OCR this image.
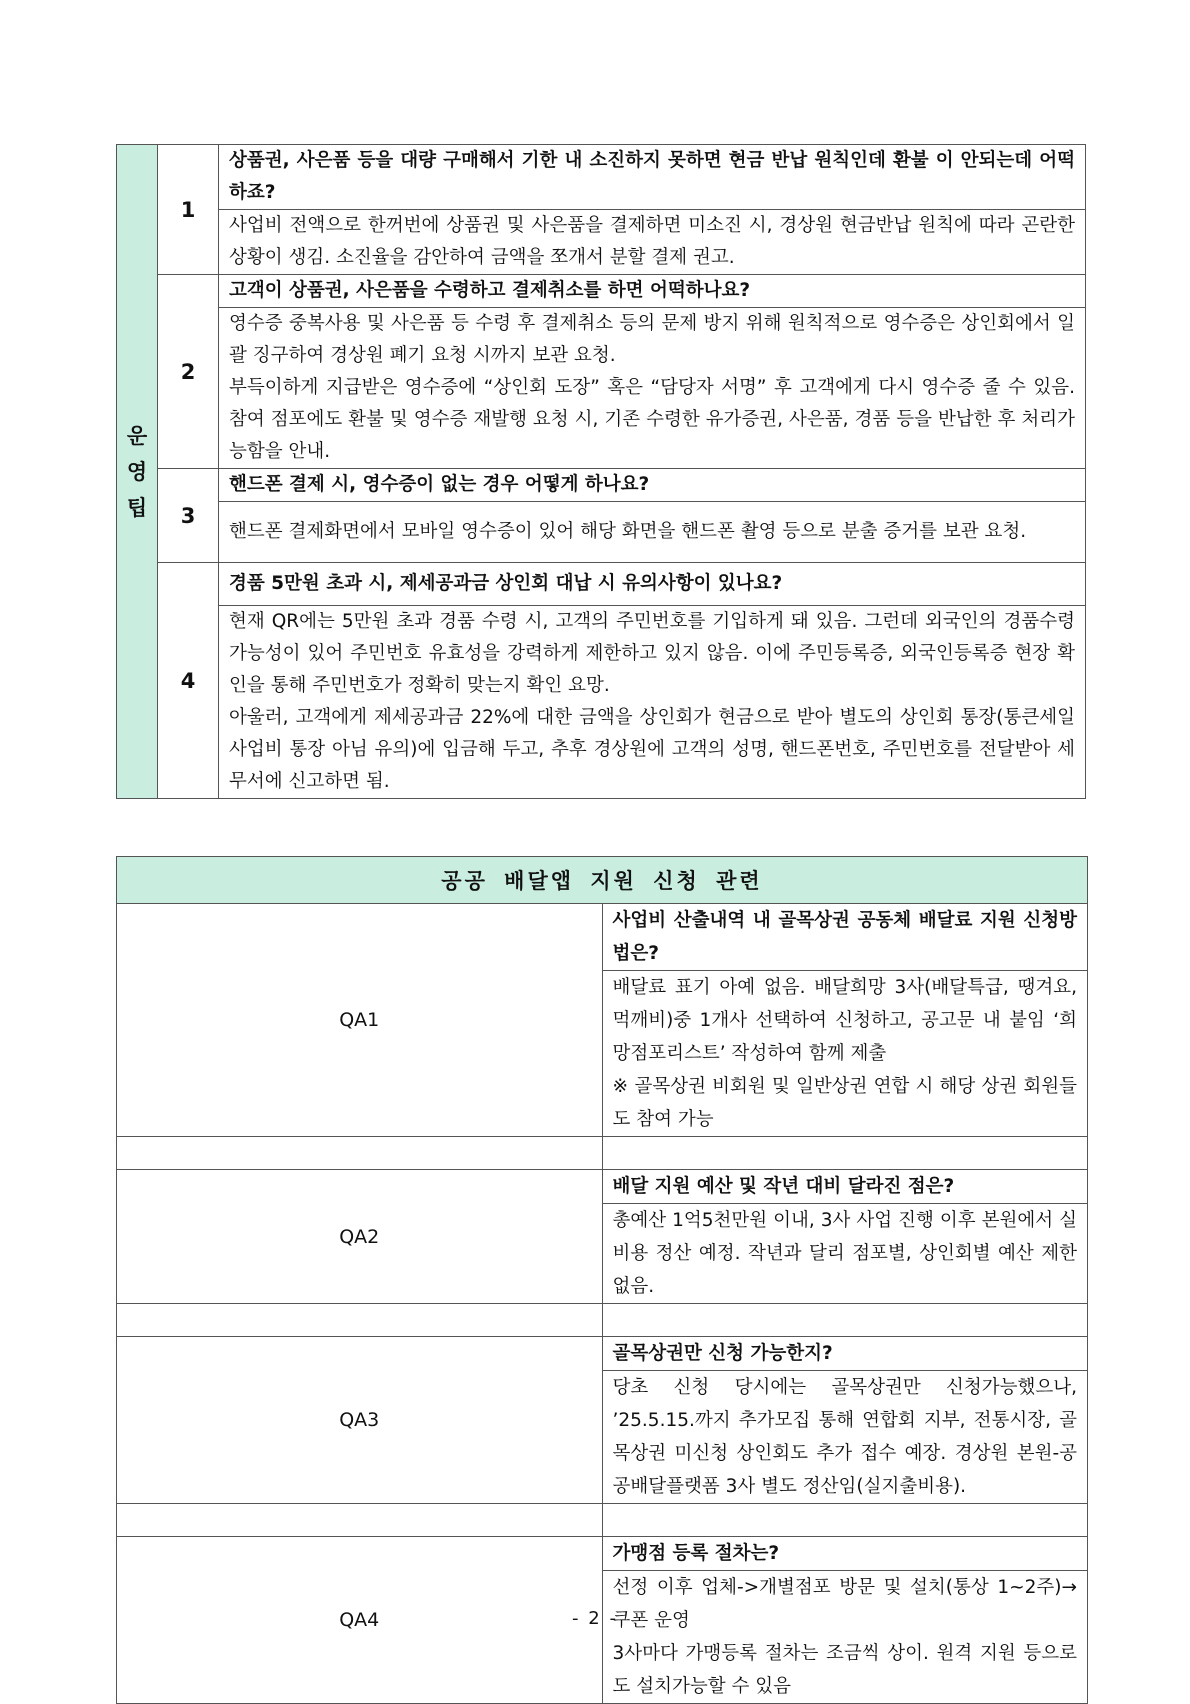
운
영
팁	1	상품권, 사은품 등을 대량 구매해서 기한 내 소진하지 못하면 현금 반납 원칙인데 환불 이 안되는데 어떡하죠?

		사업비 전액으로 한꺼번에 상품권 및 사은품을 결제하면 미소진 시, 경상원 현금반납 원칙에 따라 곤란한 상황이 생김. 소진율을 감안하여 금액을 쪼개서 분할 결제 권고.

	2	고객이 상품권, 사은품을 수령하고 결제취소를 하면 어떡하나요?

		영수증 중복사용 및 사은품 등 수령 후 결제취소 등의 문제 방지 위해 원칙적으로 영수증은 상인회에서 일괄 징구하여 경상원 폐기 요청 시까지 보관 요청.
부득이하게 지급받은 영수증에 “상인회 도장” 혹은 “담당자 서명” 후 고객에게 다시 영수증 줄 수 있음. 참여 점포에도 환불 및 영수증 재발행 요청 시, 기존 수령한 유가증권, 사은품, 경품 등을 반납한 후 처리가능함을 안내.

	3	핸드폰 결제 시, 영수증이 없는 경우 어떻게 하나요?

		핸드폰 결제화면에서 모바일 영수증이 있어 해당 화면을 핸드폰 촬영 등으로 분출 증거를 보관 요청.

	4	경품 5만원 초과 시, 제세공과금 상인회 대납 시 유의사항이 있나요?

		현재 QR에는 5만원 초과 경품 수령 시, 고객의 주민번호를 기입하게 돼 있음. 그런데 외국인의 경품수령 가능성이 있어 주민번호 유효성을 강력하게 제한하고 있지 않음. 이에 주민등록증, 외국인등록증 현장 확인을 통해 주민번호가 정확히 맞는지 확인 요망.
아울러, 고객에게 제세공과금 22%에 대한 금액을 상인회가 현금으로 받아 별도의 상인회 통장(통큰세일 사업비 통장 아님 유의)에 입금해 두고, 추후 경상원에 고객의 성명, 핸드폰번호, 주민번호를 전달받아 세무서에 신고하면 됨.
공공 배달앱 지원 신청 관련	
QA1	사업비 산출내역 내 골목상권 공동체 배달료 지원 신청방법은?

	배달료 표기 아예 없음. 배달희망 3사(배달특급, 땡겨요, 먹깨비)중 1개사 선택하여 신청하고, 공고문 내 붙임 ‘희망점포리스트’ 작성하여 함께 제출
※ 골목상권 비회원 및 일반상권 연합 시 해당 상권 회원들도 참여 가능

QA2	배달 지원 예산 및 작년 대비 달라진 점은?

	총예산 1억5천만원 이내, 3사 사업 진행 이후 본원에서 실비용 정산 예정. 작년과 달리 점포별, 상인회별 예산 제한 없음.

QA3	골목상권만 신청 가능한지?

	당초 신청 당시에는 골목상권만 신청가능했으나, ’25.5.15.까지 추가모집 통해 연합회 지부, 전통시장, 골목상권 미신청 상인회도 추가 접수 예장. 경상원 본원-공공배달플랫폼 3사 별도 정산임(실지출비용).

QA4	가맹점 등록 절차는?

	선정 이후 업체->개별점포 방문 및 설치(통상 1~2주)→쿠폰 운영
3사마다 가맹등록 절차는 조금씩 상이. 원격 지원 등으로도 설치가능할 수 있음
- 2 -
